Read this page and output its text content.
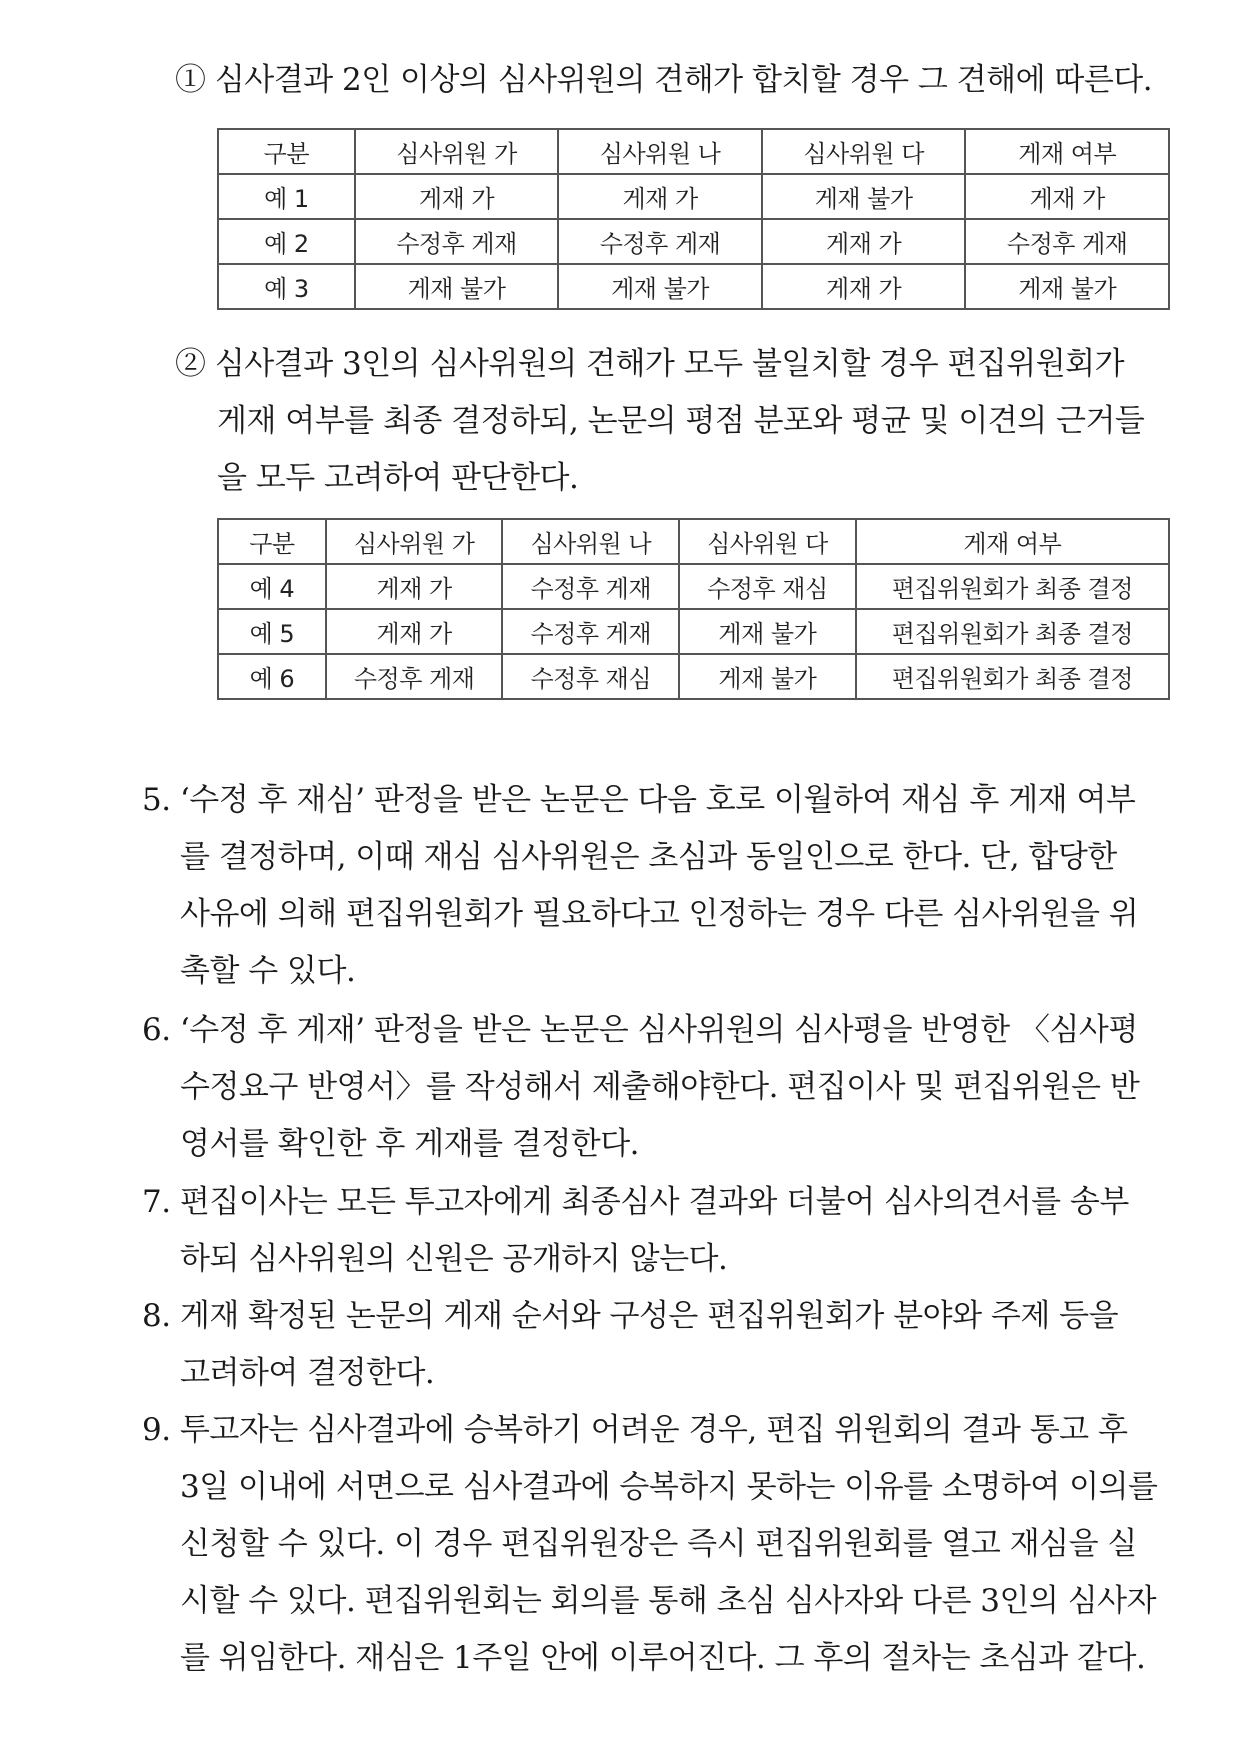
① 심사결과 2인 이상의 심사위원의 견해가 합치할 경우 그 견해에 따른다.
구분	심사위원 가	심사위원 나	심사위원 다	게재 여부
예 1	게재 가	게재 가	게재 불가	게재 가
예 2	수정후 게재	수정후 게재	게재 가	수정후 게재
예 3	게재 불가	게재 불가	게재 가	게재 불가
② 심사결과 3인의 심사위원의 견해가 모두 불일치할 경우 편집위원회가
게재 여부를 최종 결정하되, 논문의 평점 분포와 평균 및 이견의 근거들
을 모두 고려하여 판단한다.
구분	심사위원 가	심사위원 나	심사위원 다	게재 여부
예 4	게재 가	수정후 게재	수정후 재심	편집위원회가 최종 결정
예 5	게재 가	수정후 게재	게재 불가	편집위원회가 최종 결정
예 6	수정후 게재	수정후 재심	게재 불가	편집위원회가 최종 결정
5. ‘수정 후 재심’ 판정을 받은 논문은 다음 호로 이월하여 재심 후 게재 여부
를 결정하며, 이때 재심 심사위원은 초심과 동일인으로 한다. 단, 합당한
사유에 의해 편집위원회가 필요하다고 인정하는 경우 다른 심사위원을 위
촉할 수 있다.
6. ‘수정 후 게재’ 판정을 받은 논문은 심사위원의 심사평을 반영한 〈심사평
수정요구 반영서〉를 작성해서 제출해야한다. 편집이사 및 편집위원은 반
영서를 확인한 후 게재를 결정한다.
7. 편집이사는 모든 투고자에게 최종심사 결과와 더불어 심사의견서를 송부
하되 심사위원의 신원은 공개하지 않는다.
8. 게재 확정된 논문의 게재 순서와 구성은 편집위원회가 분야와 주제 등을
고려하여 결정한다.
9. 투고자는 심사결과에 승복하기 어려운 경우, 편집 위원회의 결과 통고 후
3일 이내에 서면으로 심사결과에 승복하지 못하는 이유를 소명하여 이의를
신청할 수 있다. 이 경우 편집위원장은 즉시 편집위원회를 열고 재심을 실
시할 수 있다. 편집위원회는 회의를 통해 초심 심사자와 다른 3인의 심사자
를 위임한다. 재심은 1주일 안에 이루어진다. 그 후의 절차는 초심과 같다.
